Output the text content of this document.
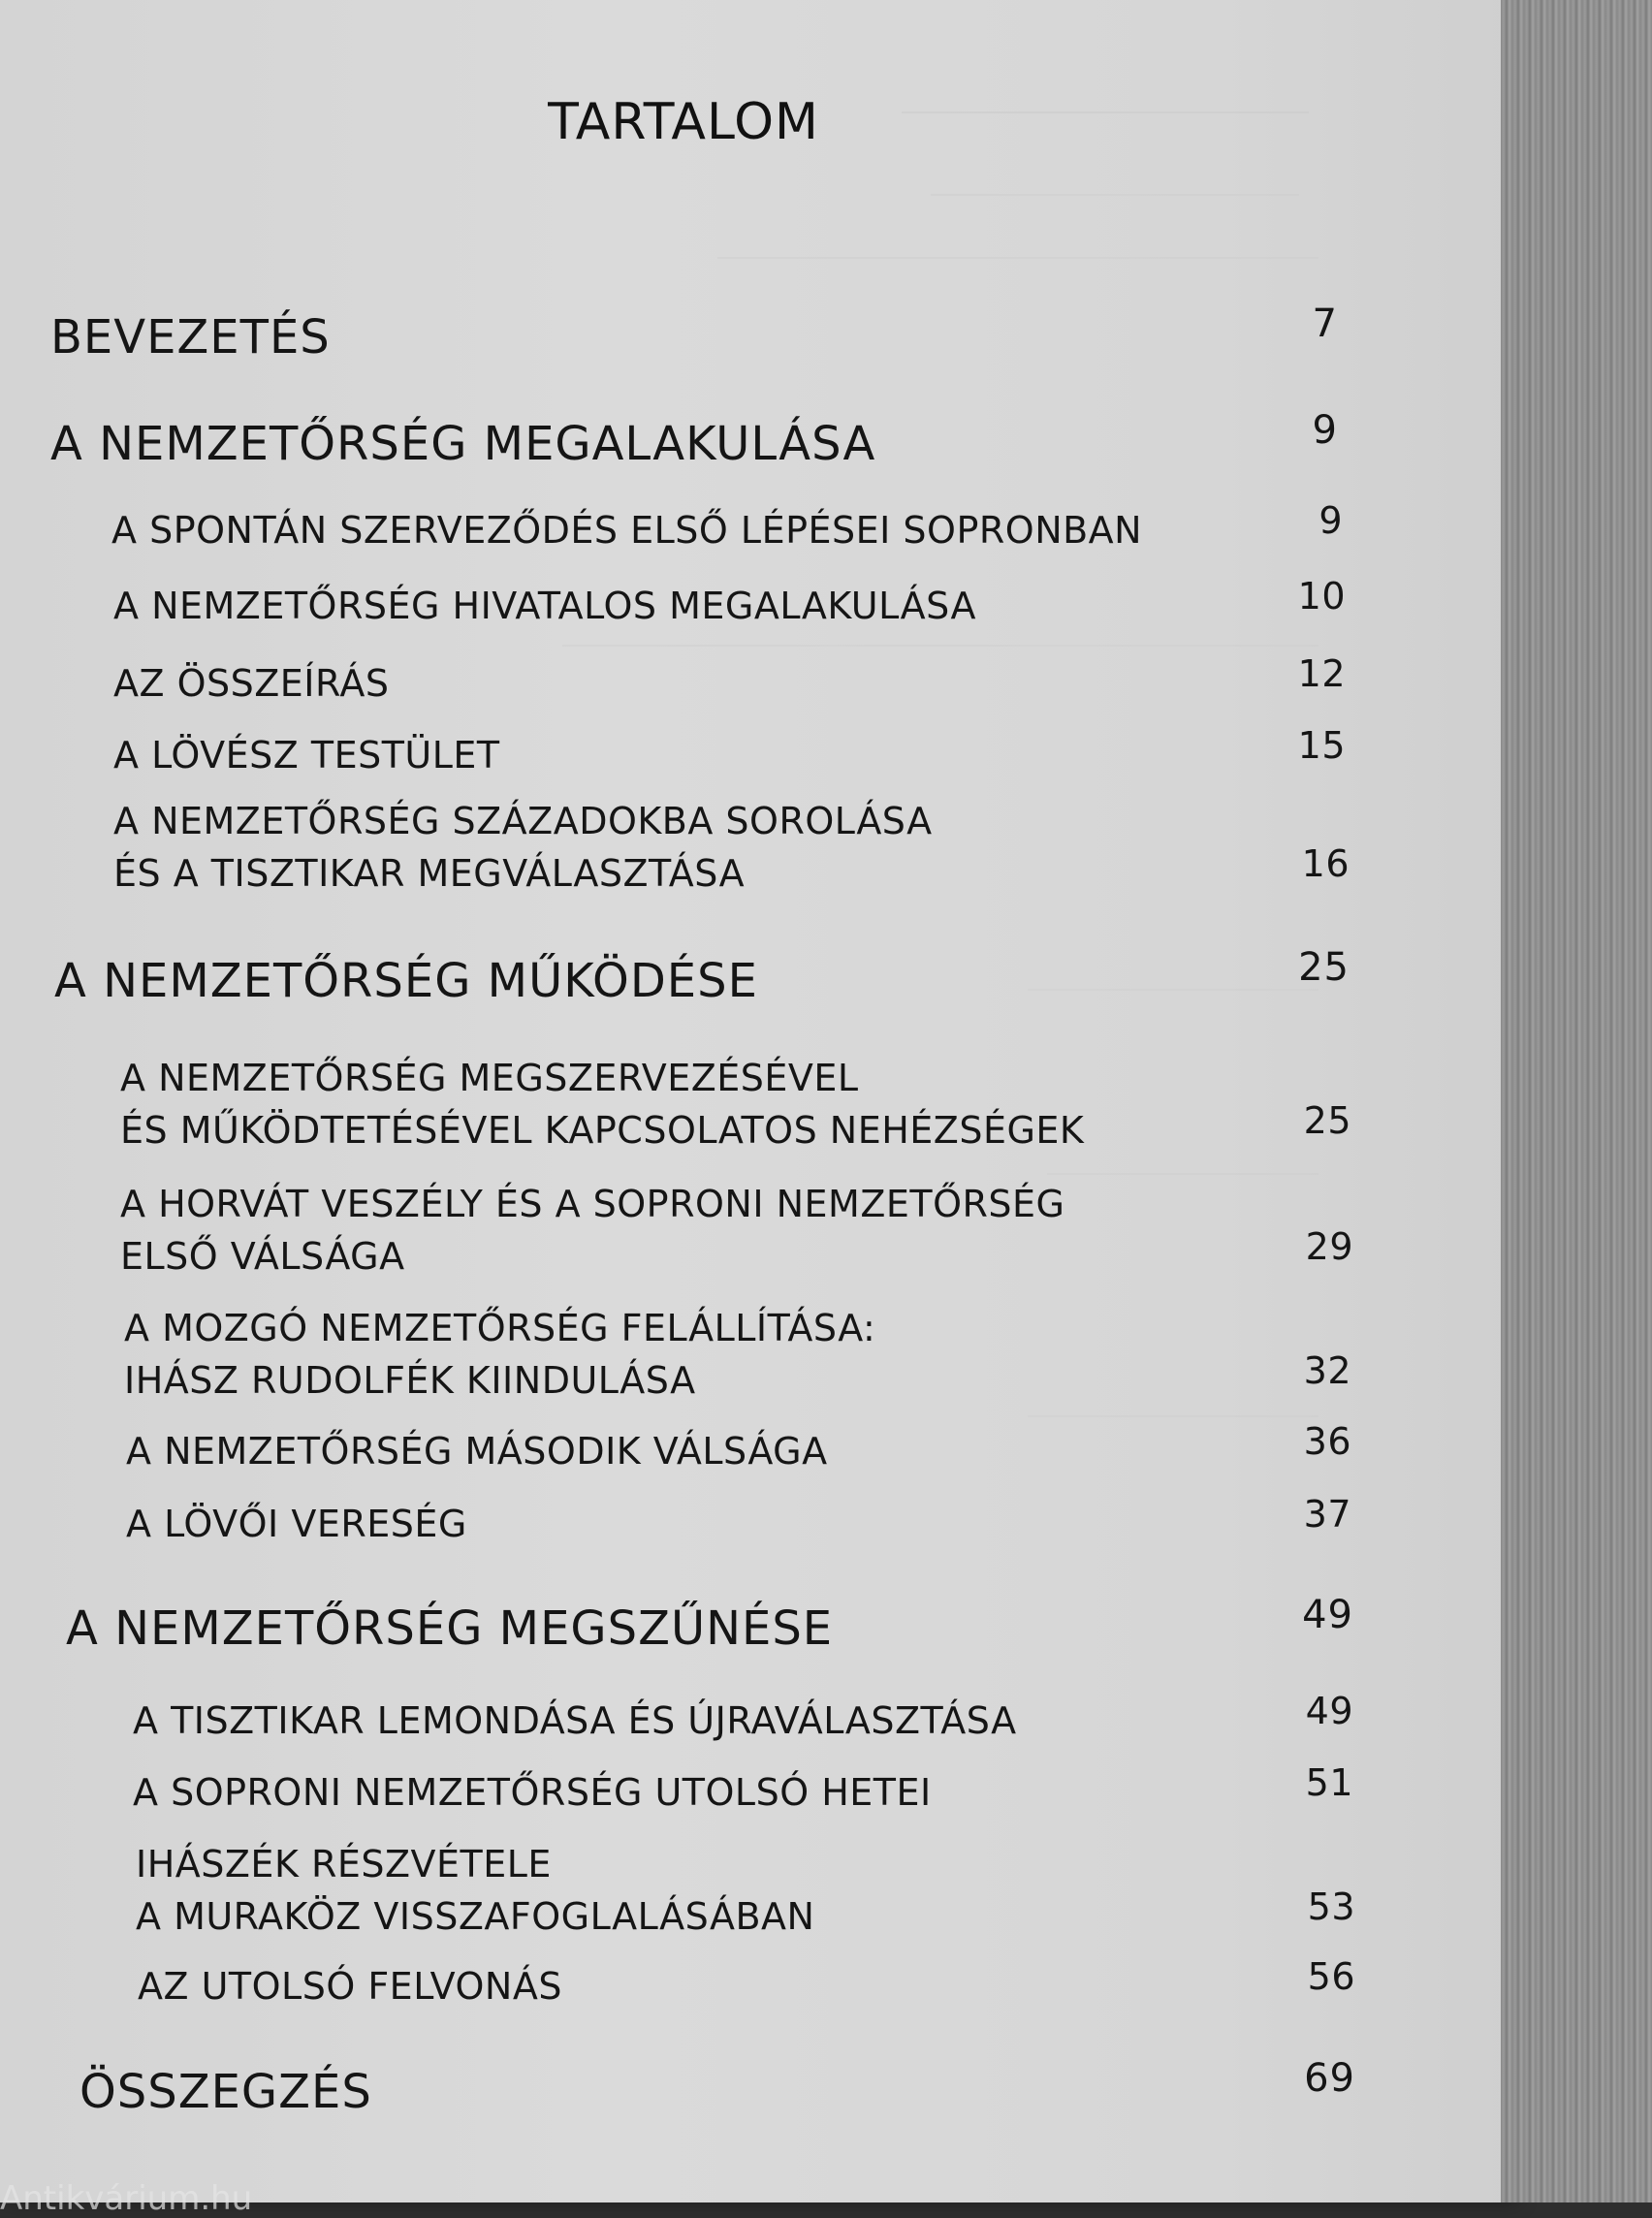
TARTALOM
BEVEZETÉS	7
A NEMZETŐRSÉG MEGALAKULÁSA	9
A SPONTÁN SZERVEZŐDÉS ELSŐ LÉPÉSEI SOPRONBAN	9
A NEMZETŐRSÉG HIVATALOS MEGALAKULÁSA	10
AZ ÖSSZEÍRÁS	12
A LÖVÉSZ TESTÜLET	15
A NEMZETŐRSÉG SZÁZADOKBA SOROLÁSA
ÉS A TISZTIKAR MEGVÁLASZTÁSA	16
A NEMZETŐRSÉG MŰKÖDÉSE	25
A NEMZETŐRSÉG MEGSZERVEZÉSÉVEL
ÉS MŰKÖDTETÉSÉVEL KAPCSOLATOS NEHÉZSÉGEK	25
A HORVÁT VESZÉLY ÉS A SOPRONI NEMZETŐRSÉG
ELSŐ VÁLSÁGA	29
A MOZGÓ NEMZETŐRSÉG FELÁLLÍTÁSA:
IHÁSZ RUDOLFÉK KIINDULÁSA	32
A NEMZETŐRSÉG MÁSODIK VÁLSÁGA	36
A LÖVŐI VERESÉG	37
A NEMZETŐRSÉG MEGSZŰNÉSE	49
A TISZTIKAR LEMONDÁSA ÉS ÚJRAVÁLASZTÁSA	49
A SOPRONI NEMZETŐRSÉG UTOLSÓ HETEI	51
IHÁSZÉK RÉSZVÉTELE
A MURAKÖZ VISSZAFOGLALÁSÁBAN	53
AZ UTOLSÓ FELVONÁS	56
ÖSSZEGZÉS	69
Antikvárium.hu
